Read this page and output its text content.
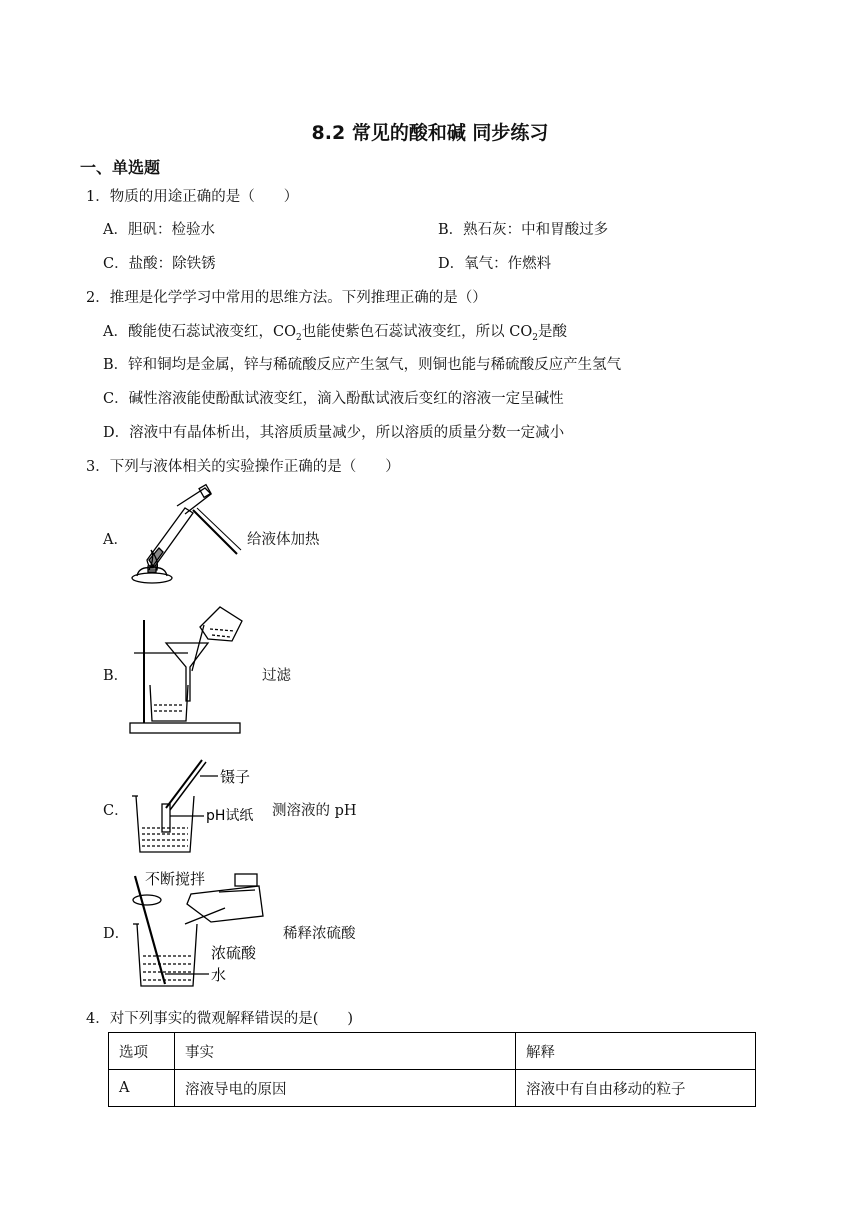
8.2 常见的酸和碱 同步练习
一、单选题
1．物质的用途正确的是（　　）
A．胆矾：检验水	B．熟石灰：中和胃酸过多
C．盐酸：除铁锈	D．氧气：作燃料
2．推理是化学学习中常用的思维方法。下列推理正确的是（）
A．酸能使石蕊试液变红，$CO_2$也能使紫色石蕊试液变红，所以 $CO_2$是酸
B．锌和铜均是金属，锌与稀硫酸反应产生氢气，则铜也能与稀硫酸反应产生氢气
C．碱性溶液能使酚酞试液变红，滴入酚酞试液后变红的溶液一定呈碱性
D．溶液中有晶体析出，其溶质质量减少，所以溶质的质量分数一定减小
3．下列与液体相关的实验操作正确的是（　　）
A．	给液体加热
B．	过滤
C．
镊子
pH试纸 测溶液的 pH
D．
不断搅拌
浓硫酸
水
稀释浓硫酸
4．对下列事实的微观解释错误的是(　　)
选项	事实	解释
A	溶液导电的原因	溶液中有自由移动的粒子
